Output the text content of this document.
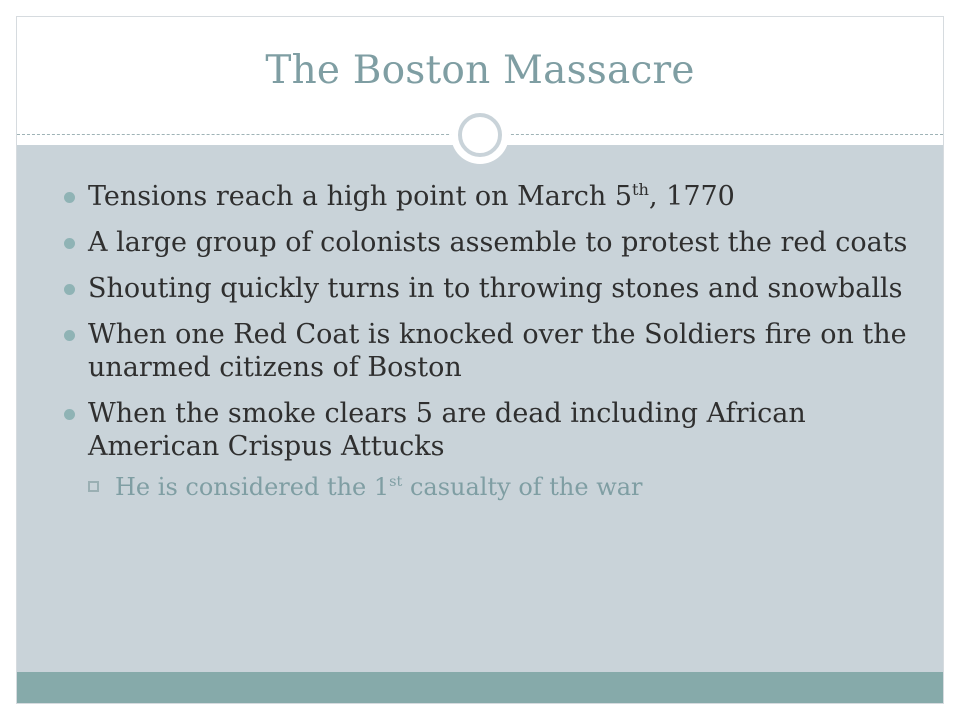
The Boston Massacre
Tensions reach a high point on March 5th, 1770
A large group of colonists assemble to protest the red coats
Shouting quickly turns in to throwing stones and snowballs
When one Red Coat is knocked over the Soldiers fire on the unarmed citizens of Boston
When the smoke clears 5 are dead including African American Crispus Attucks
He is considered the 1st casualty of the war
